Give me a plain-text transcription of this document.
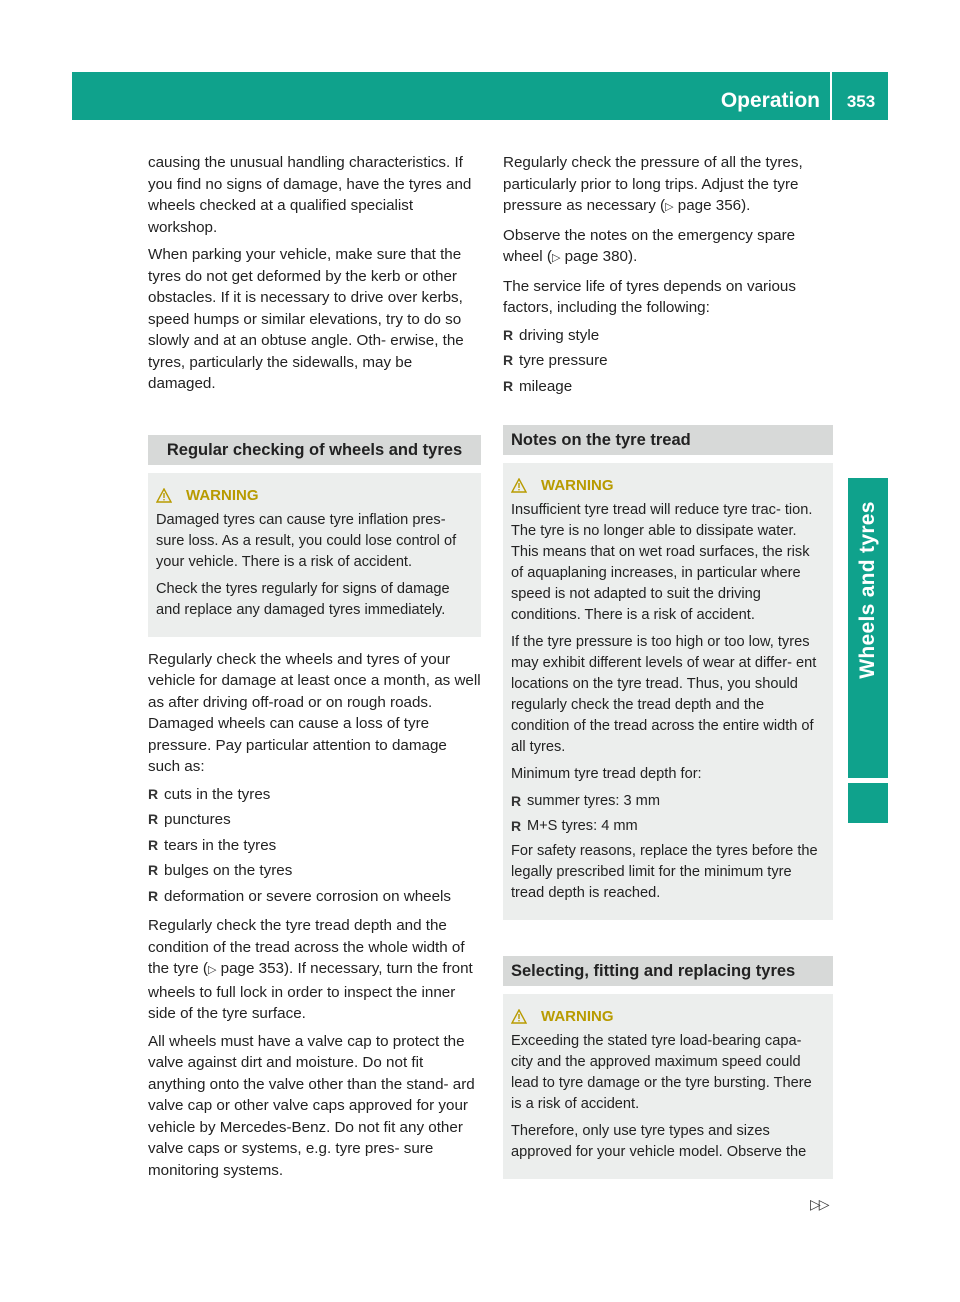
Operation	353
Wheels and tyres

causing the unusual handling characteristics. If you find no signs of damage, have the tyres and wheels checked at a qualified specialist workshop.

When parking your vehicle, make sure that the tyres do not get deformed by the kerb or other obstacles. If it is necessary to drive over kerbs, speed humps or similar elevations, try to do so slowly and at an obtuse angle. Oth- erwise, the tyres, particularly the sidewalls, may be damaged.

Regular checking of wheels and tyres
WARNING

Damaged tyres can cause tyre inflation pres- sure loss. As a result, you could lose control of your vehicle. There is a risk of accident.

Check the tyres regularly for signs of damage and replace any damaged tyres immediately.

Regularly check the wheels and tyres of your vehicle for damage at least once a month, as well as after driving off-road or on rough roads. Damaged wheels can cause a loss of tyre pressure. Pay particular attention to damage such as:

R cuts in the tyres
R punctures
R tears in the tyres
R bulges on the tyres
R deformation or severe corrosion on wheels

Regularly check the tyre tread depth and the condition of the tread across the whole width of the tyre (▷ page 353). If necessary, turn the front wheels to full lock in order to inspect the inner side of the tyre surface.

All wheels must have a valve cap to protect the valve against dirt and moisture. Do not fit anything onto the valve other than the stand- ard valve cap or other valve caps approved for your vehicle by Mercedes-Benz. Do not fit any other valve caps or systems, e.g. tyre pres- sure monitoring systems.

Regularly check the pressure of all the tyres, particularly prior to long trips. Adjust the tyre pressure as necessary (▷ page 356).

Observe the notes on the emergency spare wheel (▷ page 380).

The service life of tyres depends on various factors, including the following:

R driving style
R tyre pressure
R mileage
Notes on the tyre tread
WARNING

Insufficient tyre tread will reduce tyre trac- tion. The tyre is no longer able to dissipate water. This means that on wet road surfaces, the risk of aquaplaning increases, in particular where speed is not adapted to suit the driving conditions. There is a risk of accident.

If the tyre pressure is too high or too low, tyres may exhibit different levels of wear at differ- ent locations on the tyre tread. Thus, you should regularly check the tread depth and the condition of the tread across the entire width of all tyres.

Minimum tyre tread depth for:

R summer tyres: 3 mm
R M+S tyres: 4 mm

For safety reasons, replace the tyres before the legally prescribed limit for the minimum tyre tread depth is reached.

Selecting, fitting and replacing tyres
WARNING

Exceeding the stated tyre load-bearing capa- city and the approved maximum speed could lead to tyre damage or the tyre bursting. There is a risk of accident.

Therefore, only use tyre types and sizes approved for your vehicle model. Observe the

▷▷
